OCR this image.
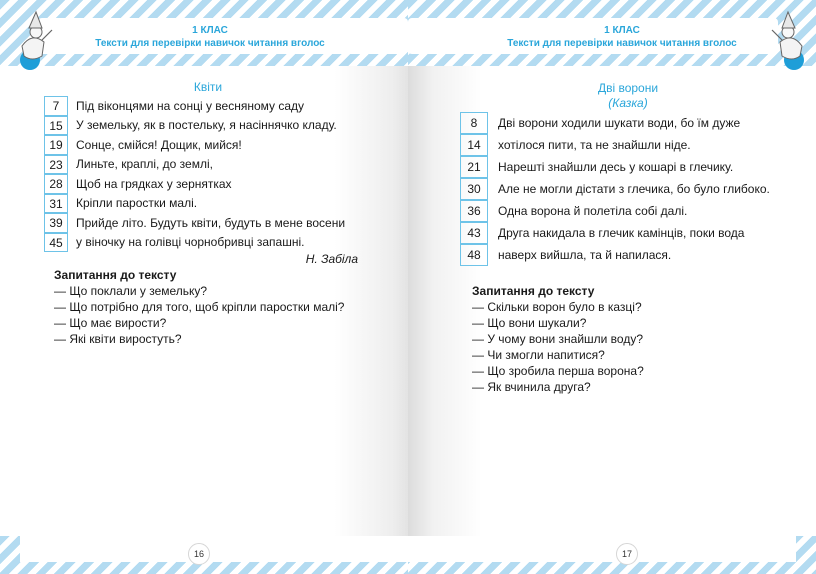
1 КЛАС
Тексти для перевірки навичок читання вголос
Квіти
7	Під віконцями на сонці у весняному саду
15	У земельку, як в постельку, я насіннячко кладу.
19	Сонце, смійся! Дощик, мийся!
23	Линьте, краплі, до землі,
28	Щоб на грядках у зернятках
31	Кріпли паростки малі.
39	Прийде літо. Будуть квіти, будуть в мене восени
45	у віночку на голівці чорнобривці запашні.
Н. Забіла
Запитання до тексту
— Що поклали у земельку?
— Що потрібно для того, щоб кріпли паростки малі?
— Що має вирости?
— Які квіти виростуть?
16
1 КЛАС
Тексти для перевірки навичок читання вголос
Дві ворони
(Казка)
8	Дві ворони ходили шукати води, бо їм дуже
14	хотілося пити, та не знайшли ніде.
21	Нарешті знайшли десь у кошарі в глечику.
30	Але не могли дістати з глечика, бо було глибоко.
36	Одна ворона й полетіла собі далі.
43	Друга накидала в глечик камінців, поки вода
48	наверх вийшла, та й напилася.
Запитання до тексту
— Скільки ворон було в казці?
— Що вони шукали?
— У чому вони знайшли воду?
— Чи змогли напитися?
— Що зробила перша ворона?
— Як вчинила друга?
17
